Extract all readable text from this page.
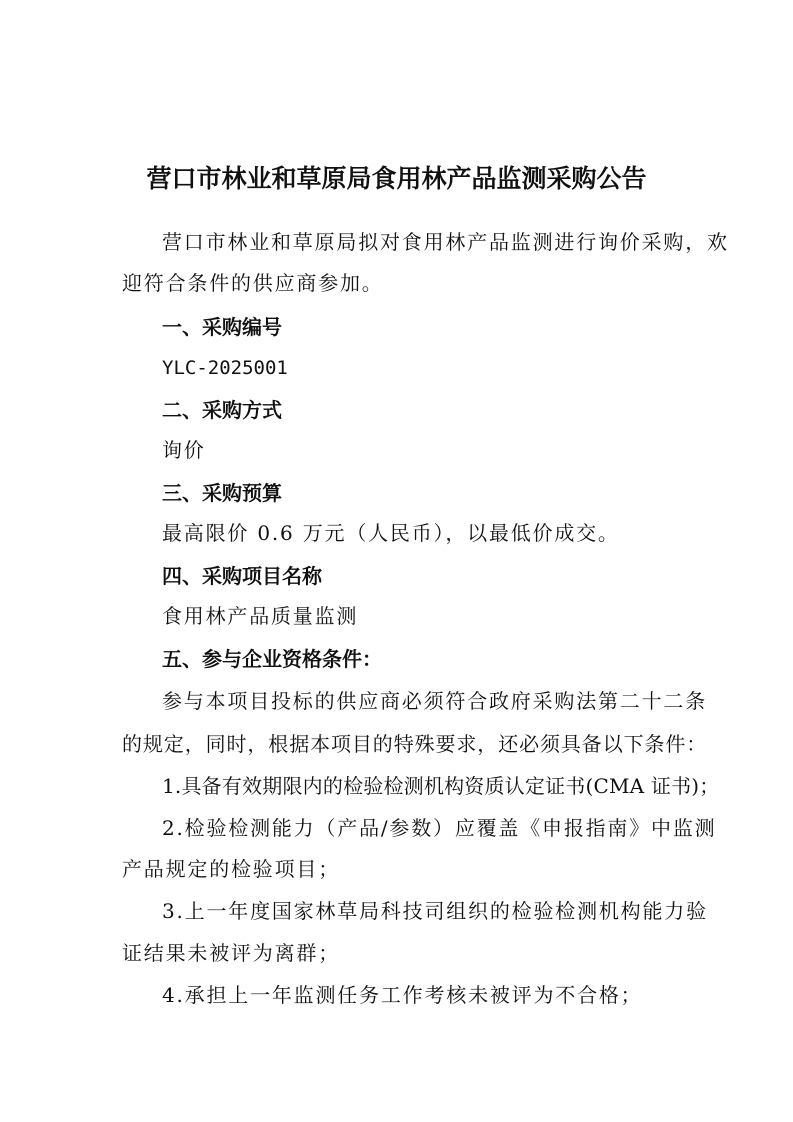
营口市林业和草原局食用林产品监测采购公告
营口市林业和草原局拟对食用林产品监测进行询价采购，欢
迎符合条件的供应商参加。
一、采购编号
YLC-2025001
二、采购方式
询价
三、采购预算
最高限价 0.6 万元（人民币），以最低价成交。
四、采购项目名称
食用林产品质量监测
五、参与企业资格条件：
参与本项目投标的供应商必须符合政府采购法第二十二条
的规定，同时，根据本项目的特殊要求，还必须具备以下条件：
1.具备有效期限内的检验检测机构资质认定证书(CMA 证书)；
2.检验检测能力（产品/参数）应覆盖《申报指南》中监测
产品规定的检验项目；
3.上一年度国家林草局科技司组织的检验检测机构能力验
证结果未被评为离群；
4.承担上一年监测任务工作考核未被评为不合格；
